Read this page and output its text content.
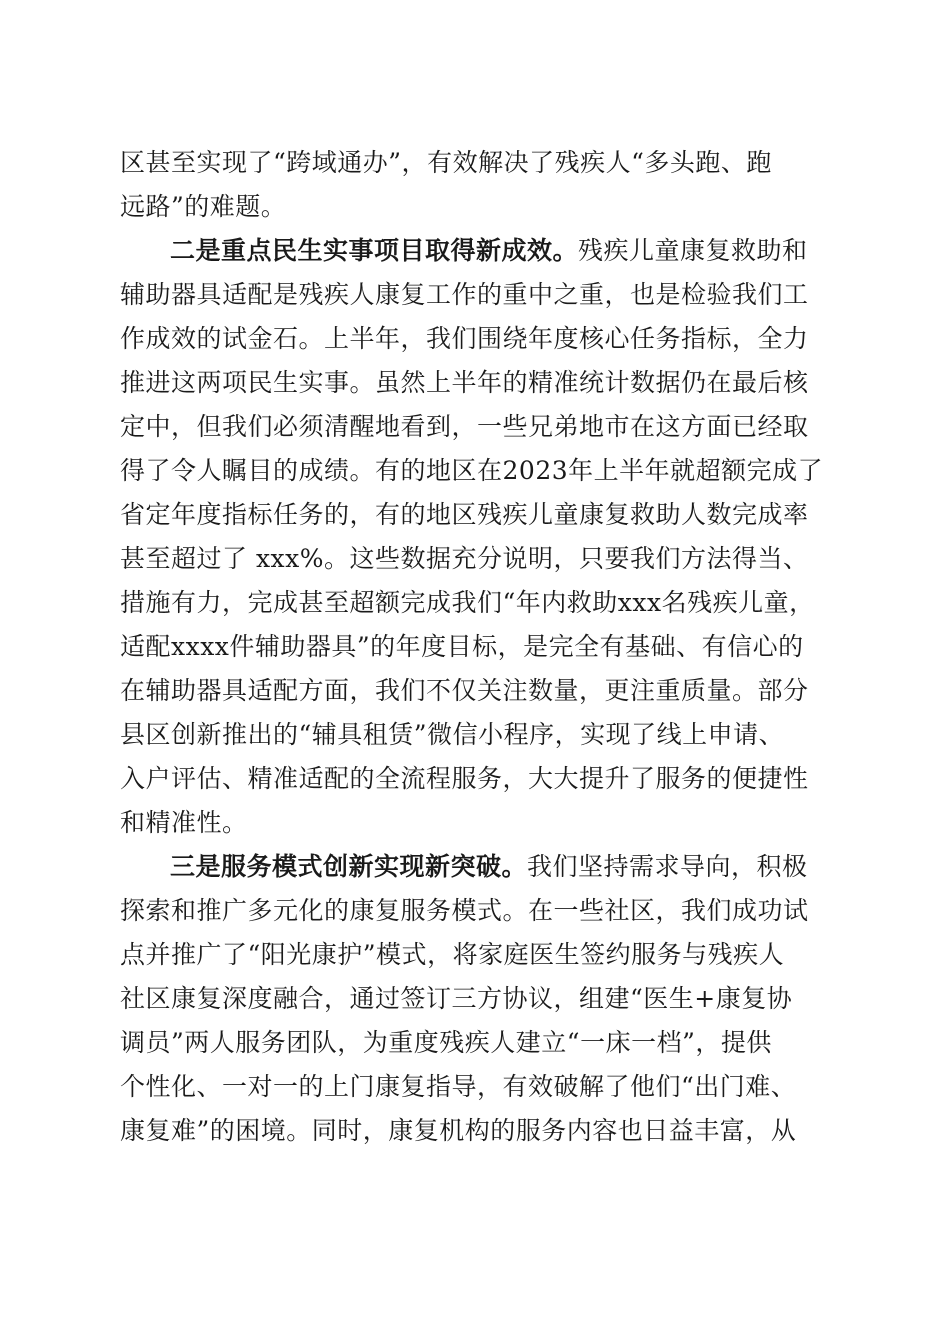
区甚至实现了“跨域通办”，有效解决了残疾人“多头跑、跑
远路”的难题。
二是重点民生实事项目取得新成效。残疾儿童康复救助和
辅助器具适配是残疾人康复工作的重中之重，也是检验我们工
作成效的试金石。上半年，我们围绕年度核心任务指标，全力
推进这两项民生实事。虽然上半年的精准统计数据仍在最后核
定中，但我们必须清醒地看到，一些兄弟地市在这方面已经取
得了令人瞩目的成绩。有的地区在2023年上半年就超额完成了
省定年度指标任务的，有的地区残疾儿童康复救助人数完成率
甚至超过了 xxx%。这些数据充分说明，只要我们方法得当、
措施有力，完成甚至超额完成我们“年内救助xxx名残疾儿童，
适配xxxx件辅助器具”的年度目标，是完全有基础、有信心的
在辅助器具适配方面，我们不仅关注数量，更注重质量。部分
县区创新推出的“辅具租赁”微信小程序，实现了线上申请、
入户评估、精准适配的全流程服务，大大提升了服务的便捷性
和精准性。
三是服务模式创新实现新突破。我们坚持需求导向，积极
探索和推广多元化的康复服务模式。在一些社区，我们成功试
点并推广了“阳光康护”模式，将家庭医生签约服务与残疾人
社区康复深度融合，通过签订三方协议，组建“医生+康复协
调员”两人服务团队，为重度残疾人建立“一床一档”，提供
个性化、一对一的上门康复指导，有效破解了他们“出门难、
康复难”的困境。同时，康复机构的服务内容也日益丰富，从
